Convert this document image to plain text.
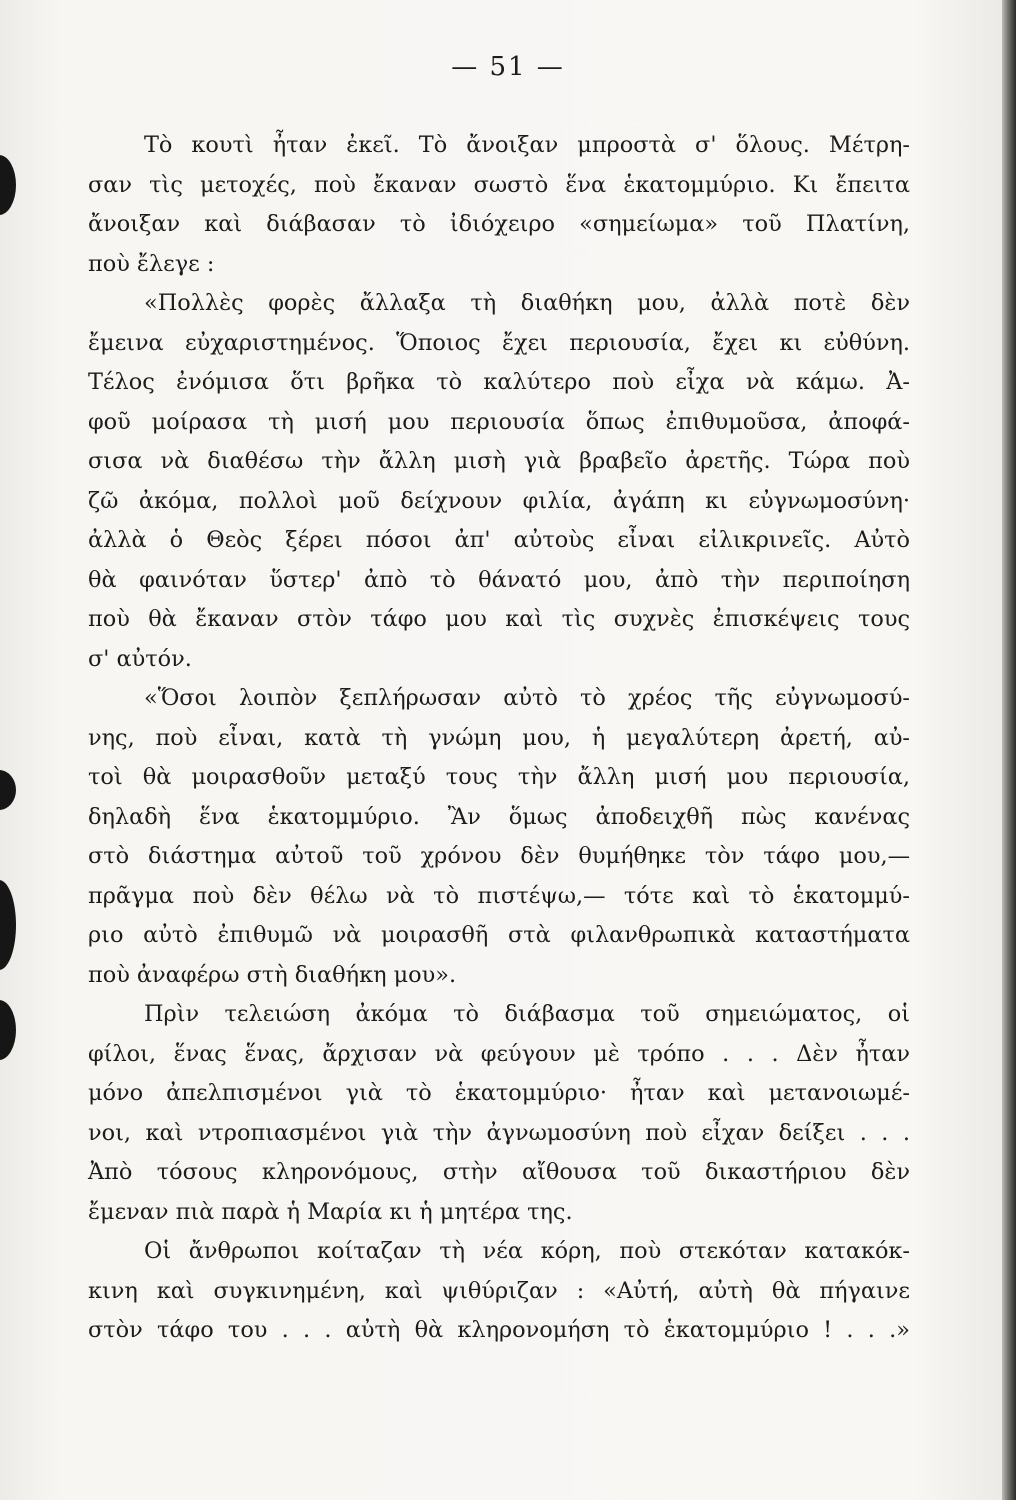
— 51 —
Τὸ κουτὶ ἦταν ἐκεῖ. Τὸ ἄνοιξαν μπροστὰ σ' ὅλους. Μέτρη-
σαν τὶς μετοχές, ποὺ ἔκαναν σωστὸ ἕνα ἑκατομμύριο. Κι ἔπειτα
ἄνοιξαν καὶ διάβασαν τὸ ἰδιόχειρο «σημείωμα» τοῦ Πλατίνη,
ποὺ ἔλεγε :
«Πολλὲς φορὲς ἄλλαξα τὴ διαθήκη μου, ἀλλὰ ποτὲ δὲν
ἔμεινα εὐχαριστημένος. Ὅποιος ἔχει περιουσία, ἔχει κι εὐθύνη.
Τέλος ἐνόμισα ὅτι βρῆκα τὸ καλύτερο ποὺ εἶχα νὰ κάμω. Ἀ-
φοῦ μοίρασα τὴ μισή μου περιουσία ὅπως ἐπιθυμοῦσα, ἀποφά-
σισα νὰ διαθέσω τὴν ἄλλη μισὴ γιὰ βραβεῖο ἀρετῆς. Τώρα ποὺ
ζῶ ἀκόμα, πολλοὶ μοῦ δείχνουν φιλία, ἀγάπη κι εὐγνωμοσύνη·
ἀλλὰ ὁ Θεὸς ξέρει πόσοι ἀπ' αὐτοὺς εἶναι εἰλικρινεῖς. Αὐτὸ
θὰ φαινόταν ὕστερ' ἀπὸ τὸ θάνατό μου, ἀπὸ τὴν περιποίηση
ποὺ θὰ ἔκαναν στὸν τάφο μου καὶ τὶς συχνὲς ἐπισκέψεις τους
σ' αὐτόν.
«Ὅσοι λοιπὸν ξεπλήρωσαν αὐτὸ τὸ χρέος τῆς εὐγνωμοσύ-
νης, ποὺ εἶναι, κατὰ τὴ γνώμη μου, ἡ μεγαλύτερη ἀρετή, αὐ-
τοὶ θὰ μοιρασθοῦν μεταξύ τους τὴν ἄλλη μισή μου περιουσία,
δηλαδὴ ἕνα ἑκατομμύριο. Ἂν ὅμως ἀποδειχθῆ πὼς κανένας
στὸ διάστημα αὐτοῦ τοῦ χρόνου δὲν θυμήθηκε τὸν τάφο μου,—
πρᾶγμα ποὺ δὲν θέλω νὰ τὸ πιστέψω,— τότε καὶ τὸ ἑκατομμύ-
ριο αὐτὸ ἐπιθυμῶ νὰ μοιρασθῆ στὰ φιλανθρωπικὰ καταστήματα
ποὺ ἀναφέρω στὴ διαθήκη μου».
Πρὶν τελειώση ἀκόμα τὸ διάβασμα τοῦ σημειώματος, οἱ
φίλοι, ἕνας ἕνας, ἄρχισαν νὰ φεύγουν μὲ τρόπο . . . Δὲν ἦταν
μόνο ἀπελπισμένοι γιὰ τὸ ἑκατομμύριο· ἦταν καὶ μετανοιωμέ-
νοι, καὶ ντροπιασμένοι γιὰ τὴν ἀγνωμοσύνη ποὺ εἶχαν δείξει . . .
Ἀπὸ τόσους κληρονόμους, στὴν αἴθουσα τοῦ δικαστήριου δὲν
ἔμεναν πιὰ παρὰ ἡ Μαρία κι ἡ μητέρα της.
Οἱ ἄνθρωποι κοίταζαν τὴ νέα κόρη, ποὺ στεκόταν κατακόκ-
κινη καὶ συγκινημένη, καὶ ψιθύριζαν : «Αὐτή, αὐτὴ θὰ πήγαινε
στὸν τάφο του . . . αὐτὴ θὰ κληρονομήση τὸ ἑκατομμύριο ! . . .»
